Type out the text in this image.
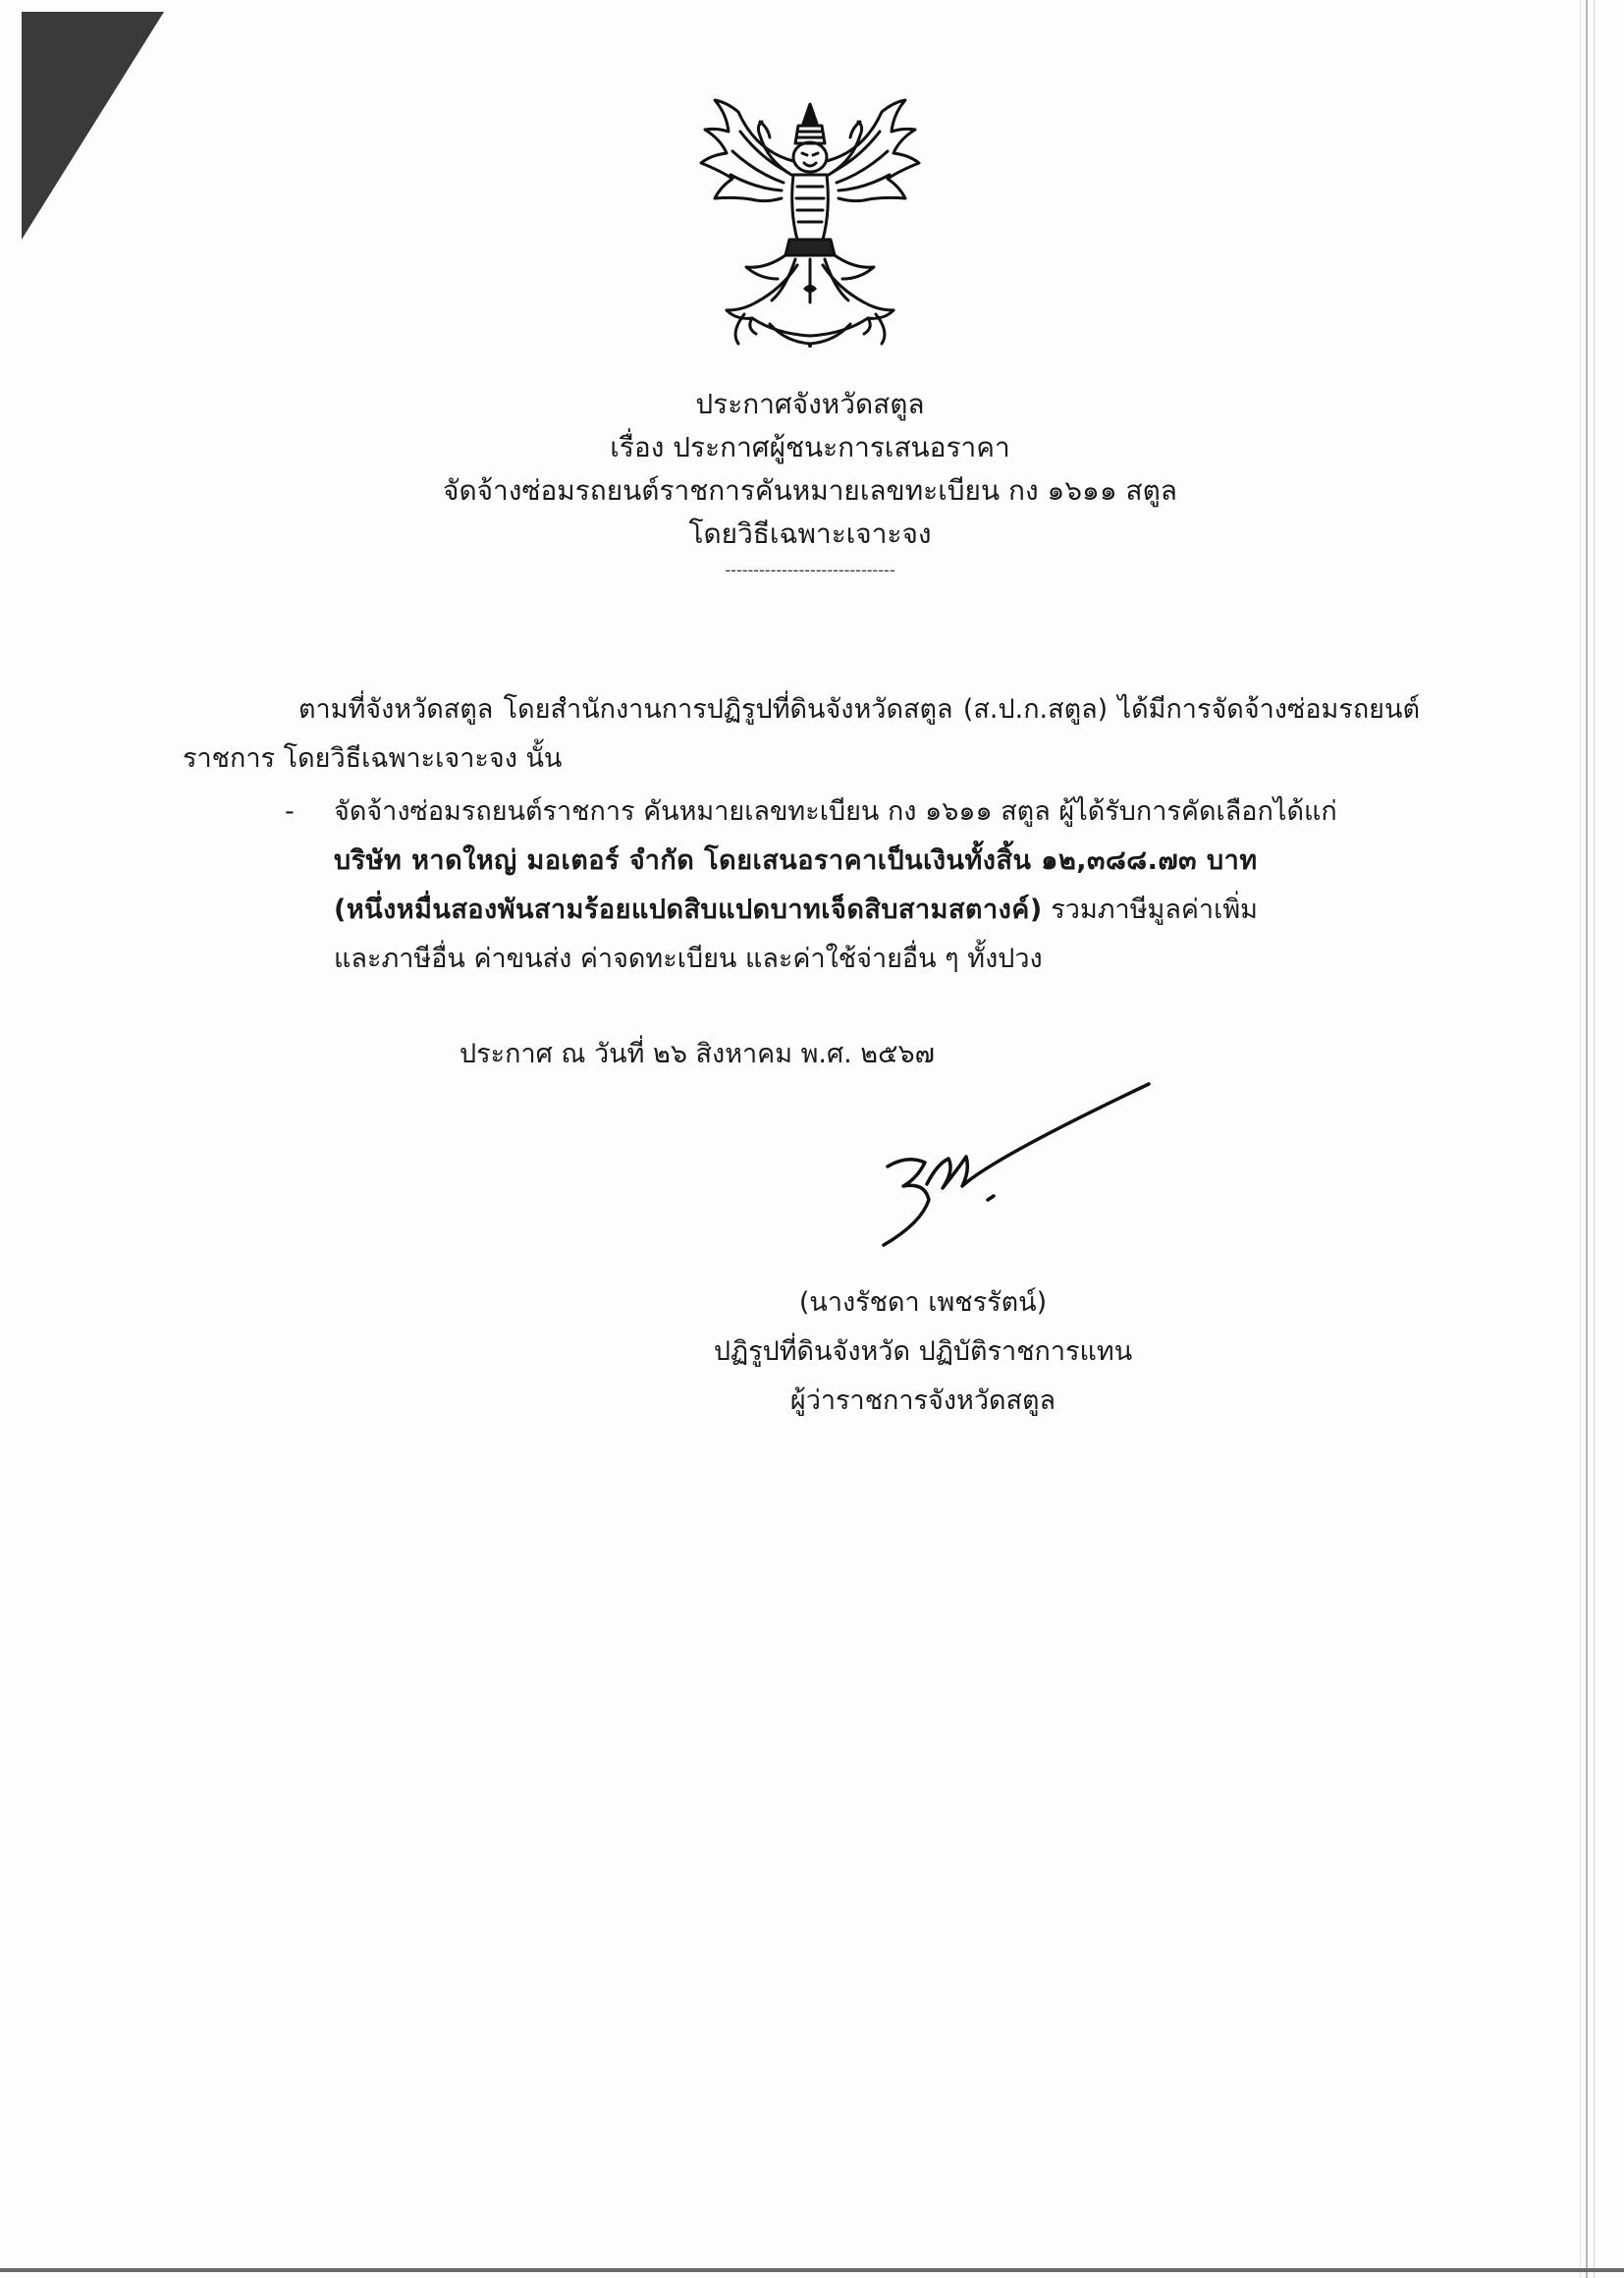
ประกาศจังหวัดสตูล
เรื่อง ประกาศผู้ชนะการเสนอราคา
จัดจ้างซ่อมรถยนต์ราชการคันหมายเลขทะเบียน กง ๑๖๑๑ สตูล
โดยวิธีเฉพาะเจาะจง
------------------------------

ตามที่จังหวัดสตูล โดยสำนักงานการปฏิรูปที่ดินจังหวัดสตูล (ส.ป.ก.สตูล) ได้มีการจัดจ้างซ่อมรถยนต์ราชการ โดยวิธีเฉพาะเจาะจง นั้น

- จัดจ้างซ่อมรถยนต์ราชการ คันหมายเลขทะเบียน กง ๑๖๑๑ สตูล ผู้ได้รับการคัดเลือกได้แก่
บริษัท หาดใหญ่ มอเตอร์ จำกัด โดยเสนอราคาเป็นเงินทั้งสิ้น ๑๒,๓๘๘.๗๓ บาท
(หนึ่งหมื่นสองพันสามร้อยแปดสิบแปดบาทเจ็ดสิบสามสตางค์) รวมภาษีมูลค่าเพิ่ม
และภาษีอื่น ค่าขนส่ง ค่าจดทะเบียน และค่าใช้จ่ายอื่น ๆ ทั้งปวง
ประกาศ ณ วันที่ ๒๖ สิงหาคม พ.ศ. ๒๕๖๗
(นางรัชดา เพชรรัตน์)
ปฏิรูปที่ดินจังหวัด ปฏิบัติราชการแทน
ผู้ว่าราชการจังหวัดสตูล
